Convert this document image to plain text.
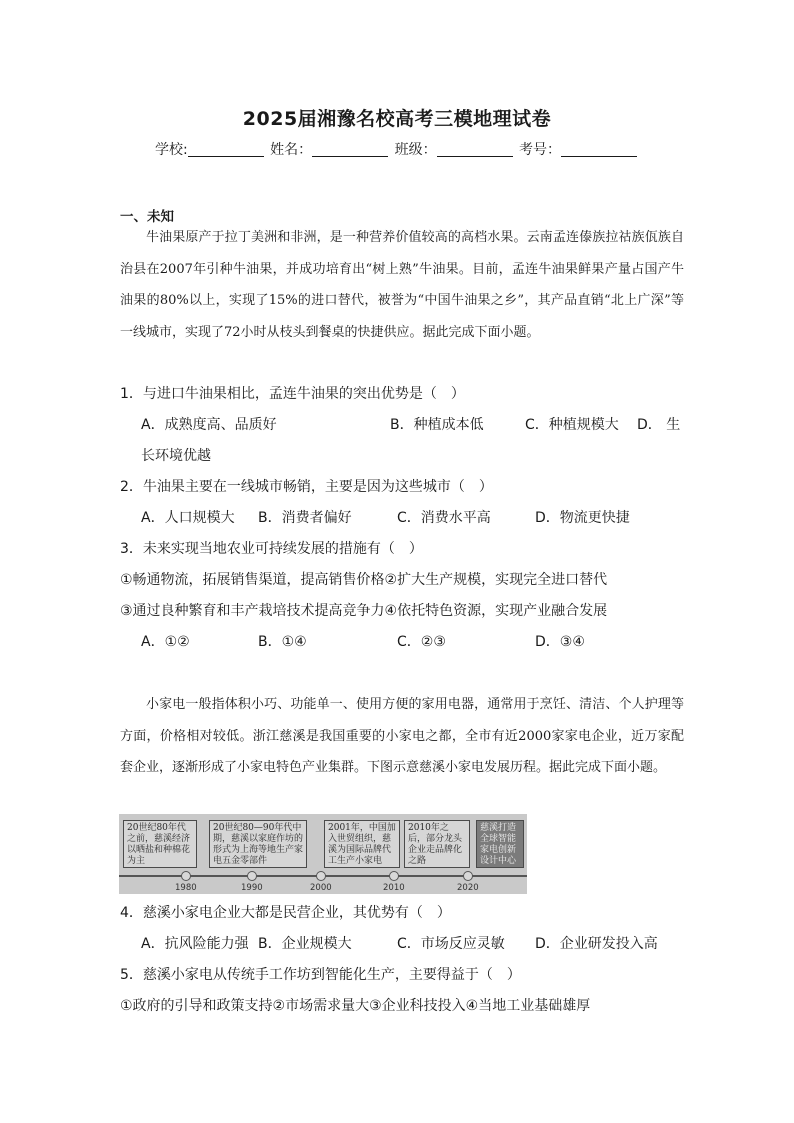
2025届湘豫名校高考三模地理试卷
学校:	姓名：	班级：	考号：
一、未知
牛油果原产于拉丁美洲和非洲，是一种营养价值较高的高档水果。云南孟连傣族拉祜族佤族自治县在2007年引种牛油果，并成功培育出“树上熟”牛油果。目前，孟连牛油果鲜果产量占国产牛油果的80%以上，实现了15%的进口替代，被誉为“中国牛油果之乡”，其产品直销“北上广深”等一线城市，实现了72小时从枝头到餐桌的快捷供应。据此完成下面小题。
1．与进口牛油果相比，孟连牛油果的突出优势是（　）
A．成熟度高、品质好	B．种植成本低	C．种植规模大 D． 生
长环境优越
2．牛油果主要在一线城市畅销，主要是因为这些城市（　）
A．人口规模大 B．消费者偏好	C．消费水平高	D．物流更快捷
3．未来实现当地农业可持续发展的措施有（　）
①畅通物流，拓展销售渠道，提高销售价格②扩大生产规模，实现完全进口替代
③通过良种繁育和丰产栽培技术提高竞争力④依托特色资源，实现产业融合发展
A．①②	B．①④	C．②③	D．③④
小家电一般指体积小巧、功能单一、使用方便的家用电器，通常用于烹饪、清洁、个人护理等方面，价格相对较低。浙江慈溪是我国重要的小家电之都，全市有近2000家家电企业，近万家配套企业，逐渐形成了小家电特色产业集群。下图示意慈溪小家电发展历程。据此完成下面小题。
20世纪80年代之前，慈溪经济以晒盐和种棉花为主
20世纪80—90年代中期，慈溪以家庭作坊的形式为上海等地生产家电五金零部件
2001年，中国加入世贸组织，慈溪为国际品牌代工生产小家电
2010年之后，部分龙头企业走品牌化之路
慈溪打造全球智能家电创新设计中心
1980	1990	2000	2010	2020
4．慈溪小家电企业大都是民营企业，其优势有（　）
A．抗风险能力强 B．企业规模大	C．市场反应灵敏 D．企业研发投入高
5．慈溪小家电从传统手工作坊到智能化生产，主要得益于（　）
①政府的引导和政策支持②市场需求量大③企业科技投入④当地工业基础雄厚
